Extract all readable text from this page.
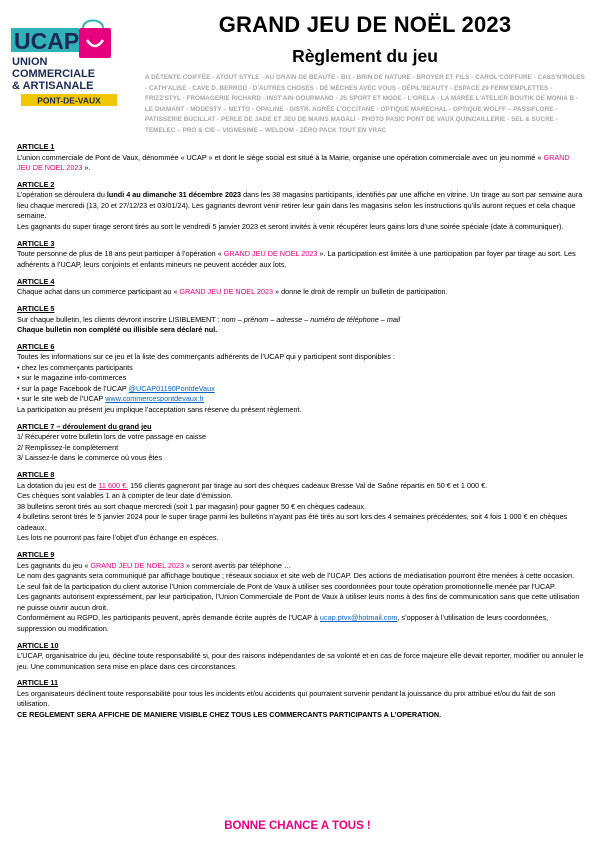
UCAP
UNION
COMMERCIALE
& ARTISANALE
PONT-DE-VAUX
GRAND JEU DE NOËL 2023
Règlement du jeu
A DÉTENTE COIFFÉE - ATOUT STYLE - AU GRAIN DE BEAUTE - BI1 - BRIN DE NATURE - BROYER ET FILS - CAROL'COIFFURE - CASS'N'ROLES - CATH'ALISE - CAVE D. BERROD - D'AUTRES CHOSES - DE MÈCHES AVEC VOUS - DÉPIL'BEAUTY - ESPACE 29 FERM'EMPLETTES - FRIZZ'STYL - FROMAGERIE RICHARD - INST'AIN GOURMAND - JS SPORT ET MODE - L'ORELA - LA MARÉE L'ATELIER BOUTIK DE MONIA B - LE DIAMANT - MODESTY – NETTO - OPALINE - DISTR. AGRÉE L'OCCITANE - OPTIQUE MARECHAL - OPTIQUE WOLFF – PASSIFLORE - PATISSERIE BUCILLAT - PERLE DE JADE ET JEU DE MAINS MAGALI - PHOTO PASIC PONT DE VAUX QUINCAILLERIE - SEL & SUCRE - TEMELEC – PRO & CIE – VIGNESIME – WELDOM - ZÉRO PACK TOUT EN VRAC
ARTICLE 1

L’union commerciale de Pont de Vaux, dénommée « UCAP » et dont le siège social est situé à la Mairie, organise une opération commerciale avec un jeu nommé « GRAND JEU DE NOEL 2023 ».

ARTICLE 2

L’opération se déroulera du lundi 4 au dimanche 31 décembre 2023 dans les 38 magasins participants, identifiés par une affiche en vitrine. Un tirage au sort par semaine aura lieu chaque mercredi (13, 20 et 27/12/23 et 03/01/24). Les gagnants devront venir retirer leur gain dans les magasins selon les instructions qu’ils auront reçues et cela chaque semaine.

Les gagnants du super tirage seront tirés au sort le vendredi 5 janvier 2023 et seront invités à venir récupérer leurs gains lors d’une soirée spéciale (date à communiquer).

ARTICLE 3

Toute personne de plus de 18 ans peut participer à l’opération « GRAND JEU DE NOEL 2023 ». La participation est limitée à une participation par foyer par tirage au sort. Les adhérents à l’UCAP, leurs conjoints et enfants mineurs ne peuvent accéder aux lots.

ARTICLE 4

Chaque achat dans un commerce participant au « GRAND JEU DE NOEL 2023 » donne le droit de remplir un bulletin de participation.

ARTICLE 5

Sur chaque bulletin, les clients devront inscrire LISIBLEMENT : nom – prénom – adresse – numéro de téléphone – mail

Chaque bulletin non complété ou illisible sera déclaré nul.

ARTICLE 6

Toutes les informations sur ce jeu et la liste des commerçants adhérents de l’UCAP qui y participent sont disponibles :

• chez les commerçants participants

• sur le magazine info-commerces

• sur la page Facebook de l’UCAP @UCAP01190PontdeVaux

• sur le site web de l’UCAP www.commercespontdevaux.fr

La participation au présent jeu implique l’acceptation sans réserve du présent règlement.

ARTICLE 7 – déroulement du grand jeu

1/ Récupérer votre bulletin lors de votre passage en caisse

2/ Remplissez-le complètement

3/ Laissez-le dans le commerce où vous êtes

ARTICLE 8

La dotation du jeu est de 11 600 €. 156 clients gagneront par tirage au sort des chèques cadeaux Bresse Val de Saône répartis en 50 € et 1 000 €.

Ces chèques sont valables 1 an à compter de leur date d’émission.

38 bulletins seront tirés au sort chaque mercredi (soit 1 par magasin) pour gagner 50 € en chèques cadeaux.

4 bulletins seront tirés le 5 janvier 2024 pour le super tirage parmi les bulletins n’ayant pas été tirés au sort lors des 4 semaines précédentes, soit 4 fois 1 000 € en chèques cadeaux.

Les lots ne pourront pas faire l’objet d’un échange en espèces.

ARTICLE 9

Les gagnants du jeu « GRAND JEU DE NOEL 2023 » seront avertis par téléphone …

Le nom des gagnants sera communiqué par affichage boutique ; réseaux sociaux et site web de l’UCAP. Des actions de médiatisation pourront être menées à cette occasion.

Le seul fait de la participation du client autorise l’Union commerciale de Pont de Vaux à utiliser ses coordonnées pour toute opération promotionnelle menée par l’UCAP.

Les gagnants autorisent expressément, par leur participation, l’Union Commerciale de Pont de Vaux à utiliser leurs noms à des fins de communication sans que cette utilisation ne puisse ouvrir aucun droit.

Conformément au RGPD, les participants peuvent, après demande écrite auprès de l’UCAP à ucap.ptvx@hotmail.com, s’opposer à l’utilisation de leurs coordonnées, suppression ou modification.

ARTICLE 10

L’UCAP, organisatrice du jeu, décline toute responsabilité si, pour des raisons indépendantes de sa volonté et en cas de force majeure elle devait reporter, modifier ou annuler le jeu. Une communication sera mise en place dans ces circonstances.

ARTICLE 11

Les organisateurs déclinent toute responsabilité pour tous les incidents et/ou accidents qui pourraient survenir pendant la jouissance du prix attribué et/ou du fait de son utilisation.

CE REGLEMENT SERA AFFICHE DE MANIERE VISIBLE CHEZ TOUS LES COMMERCANTS PARTICIPANTS A L’OPERATION.

BONNE CHANCE A TOUS !
